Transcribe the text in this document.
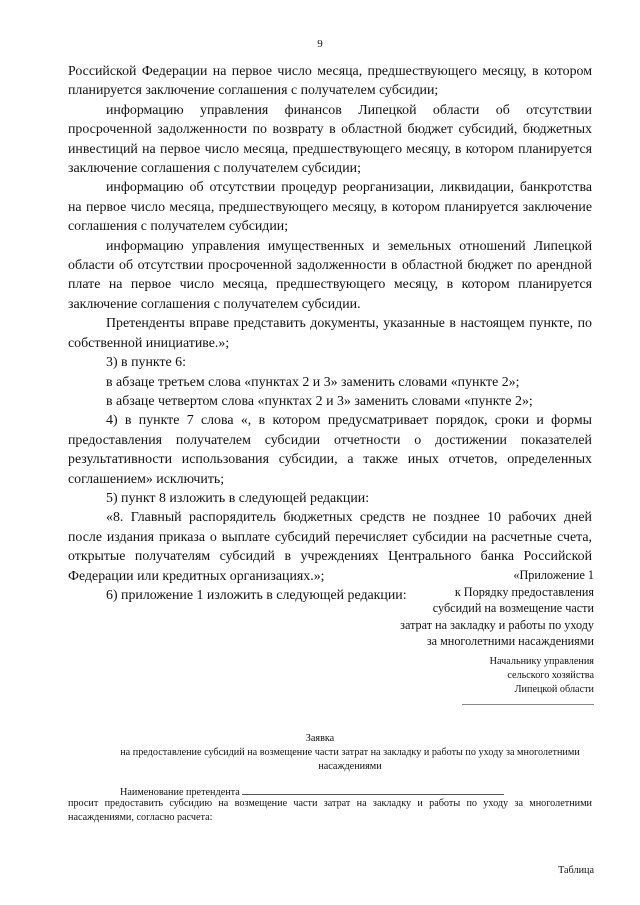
9

Российской Федерации на первое число месяца, предшествующего месяцу, в котором планируется заключение соглашения с получателем субсидии;

информацию управления финансов Липецкой области об отсутствии просроченной задолженности по возврату в областной бюджет субсидий, бюджетных инвестиций на первое число месяца, предшествующего месяцу, в котором планируется заключение соглашения с получателем субсидии;

информацию об отсутствии процедур реорганизации, ликвидации, банкротства на первое число месяца, предшествующего месяцу, в котором планируется заключение соглашения с получателем субсидии;

информацию управления имущественных и земельных отношений Липецкой области об отсутствии просроченной задолженности в областной бюджет по арендной плате на первое число месяца, предшествующего месяцу, в котором планируется заключение соглашения с получателем субсидии.

Претенденты вправе представить документы, указанные в настоящем пункте, по собственной инициативе.»;

3) в пункте 6:

в абзаце третьем слова «пунктах 2 и 3» заменить словами «пункте 2»;

в абзаце четвертом слова «пунктах 2 и 3» заменить словами «пункте 2»;

4) в пункте 7 слова «, в котором предусматривает порядок, сроки и формы предоставления получателем субсидии отчетности о достижении показателей результативности использования субсидии, а также иных отчетов, определенных соглашением» исключить;

5) пункт 8 изложить в следующей редакции:

«8. Главный распорядитель бюджетных средств не позднее 10 рабочих дней после издания приказа о выплате субсидий перечисляет субсидии на расчетные счета, открытые получателям субсидий в учреждениях Центрального банка Российской Федерации или кредитных организациях.»;

6) приложение 1 изложить в следующей редакции:

«Приложение 1
к Порядку предоставления
субсидий на возмещение части
затрат на закладку и работы по уходу
за многолетними насаждениями
Начальнику управления
сельского хозяйства
Липецкой области
Заявка
на предоставление субсидий на возмещение части затрат на закладку и работы по уходу за многолетними насаждениями
Наименование претендента
просит предоставить субсидию на возмещение части затрат на закладку и работы по уходу за многолетними насаждениями, согласно расчета:
Таблица
